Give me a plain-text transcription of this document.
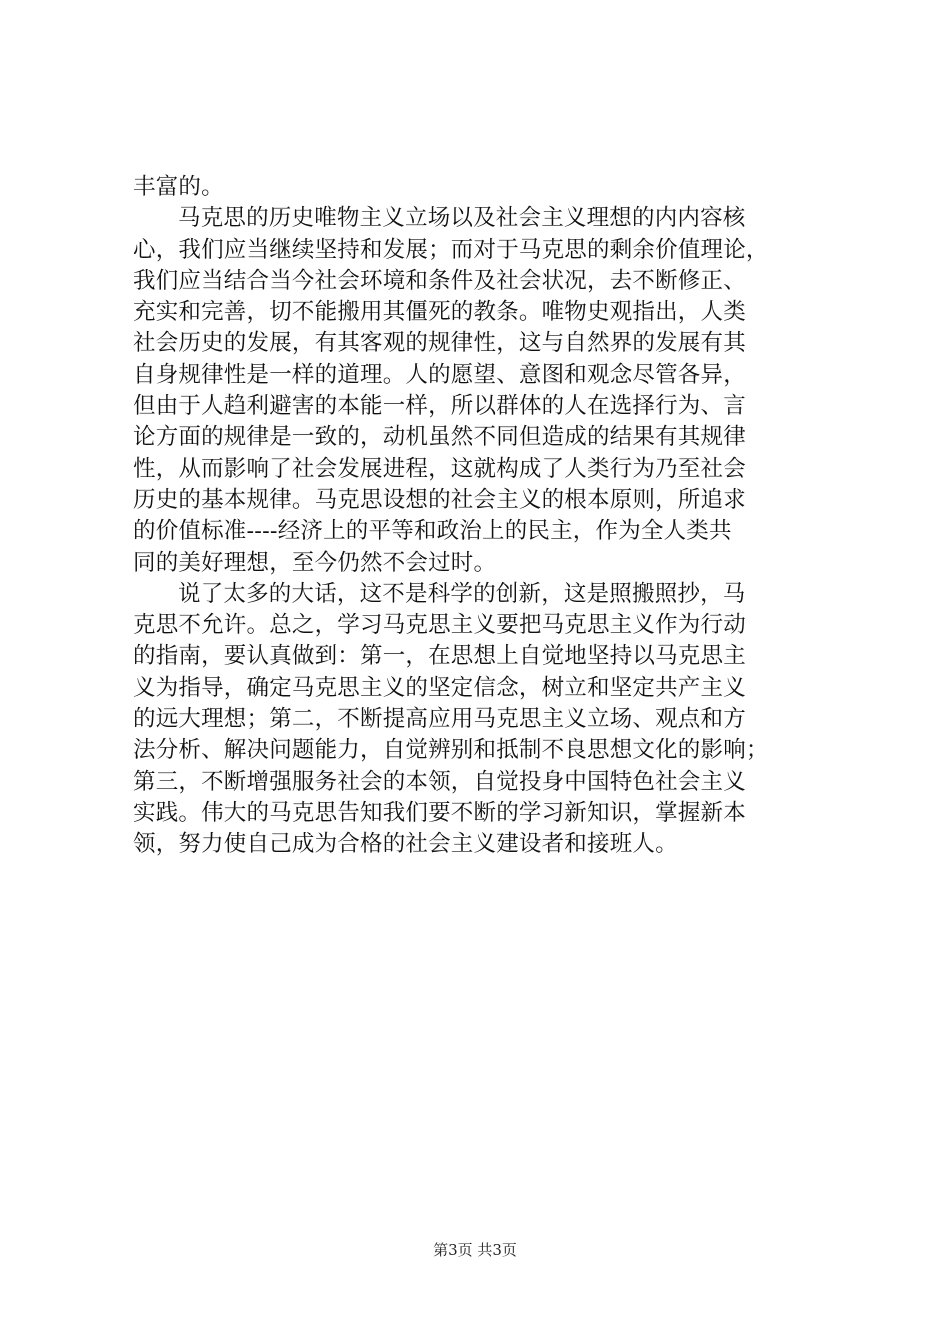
丰富的。
马克思的历史唯物主义立场以及社会主义理想的内内容核
心，我们应当继续坚持和发展；而对于马克思的剩余价值理论，
我们应当结合当今社会环境和条件及社会状况，去不断修正、
充实和完善，切不能搬用其僵死的教条。唯物史观指出，人类
社会历史的发展，有其客观的规律性，这与自然界的发展有其
自身规律性是一样的道理。人的愿望、意图和观念尽管各异，
但由于人趋利避害的本能一样，所以群体的人在选择行为、言
论方面的规律是一致的，动机虽然不同但造成的结果有其规律
性，从而影响了社会发展进程，这就构成了人类行为乃至社会
历史的基本规律。马克思设想的社会主义的根本原则，所追求
的价值标准----经济上的平等和政治上的民主，作为全人类共
同的美好理想，至今仍然不会过时。
说了太多的大话，这不是科学的创新，这是照搬照抄，马
克思不允许。总之，学习马克思主义要把马克思主义作为行动
的指南，要认真做到：第一，在思想上自觉地坚持以马克思主
义为指导，确定马克思主义的坚定信念，树立和坚定共产主义
的远大理想；第二，不断提高应用马克思主义立场、观点和方
法分析、解决问题能力，自觉辨别和抵制不良思想文化的影响；
第三，不断增强服务社会的本领，自觉投身中国特色社会主义
实践。伟大的马克思告知我们要不断的学习新知识，掌握新本
领，努力使自己成为合格的社会主义建设者和接班人。
第3页 共3页
